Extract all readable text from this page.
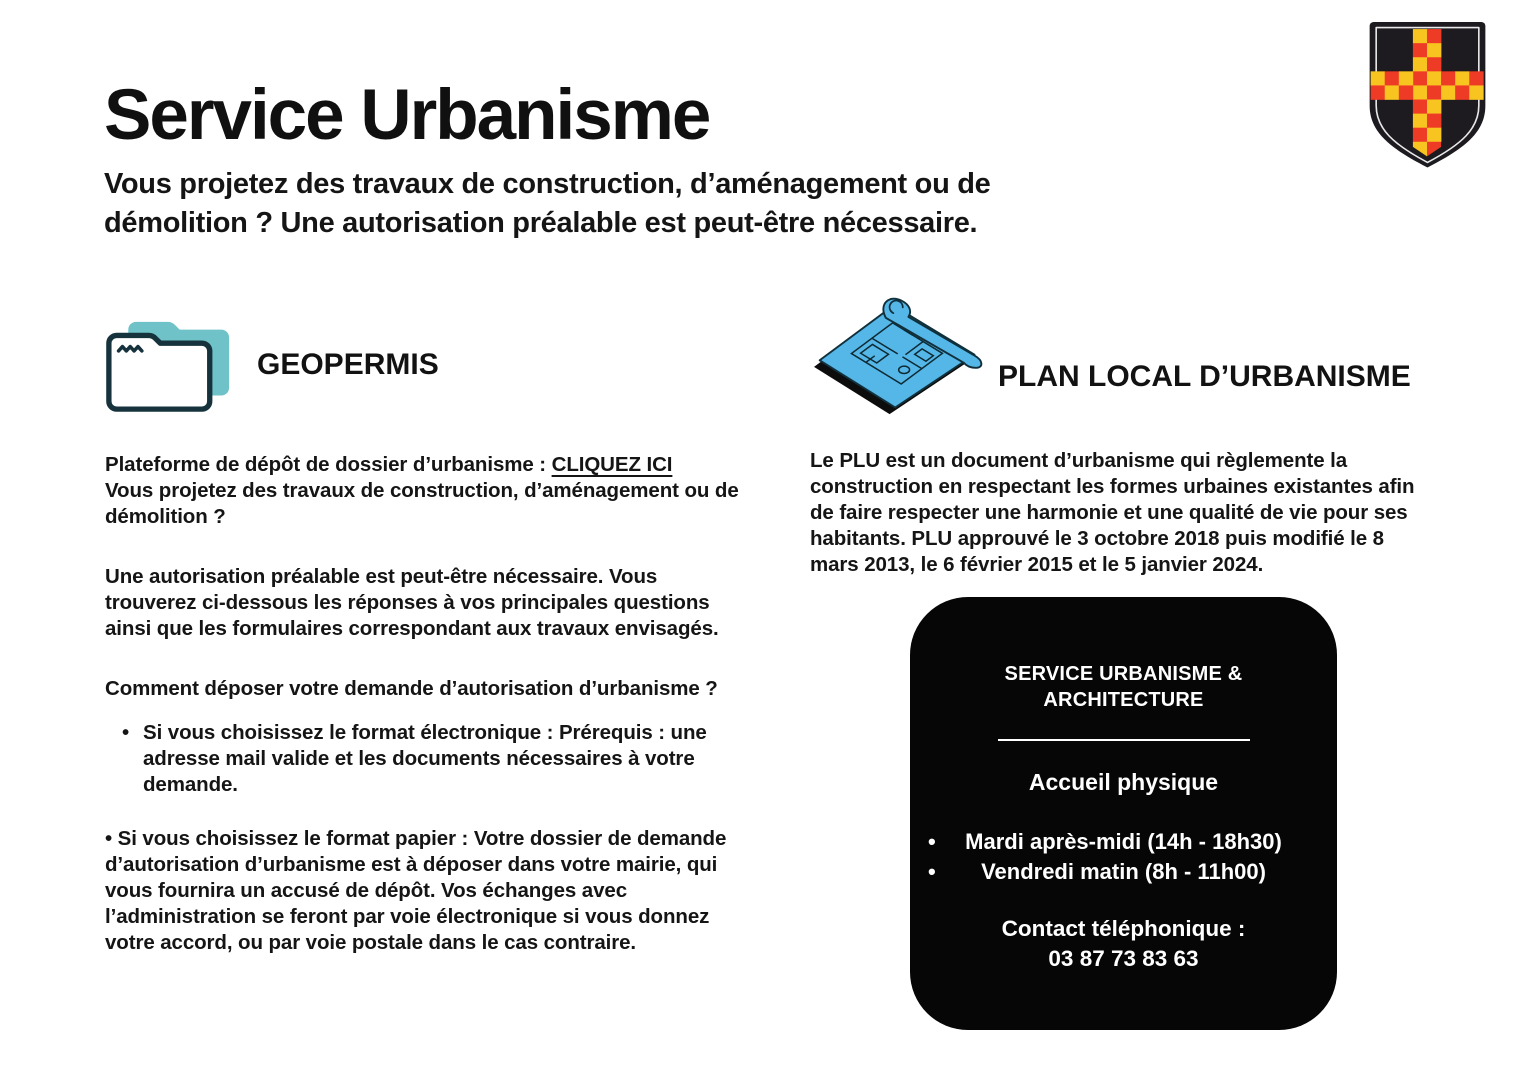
Service Urbanisme

Vous projetez des travaux de construction, d’aménagement ou de
démolition ? Une autorisation préalable est peut-être nécessaire.

GEOPERMIS

Plateforme de dépôt de dossier d’urbanisme : CLIQUEZ ICI
Vous projetez des travaux de construction, d’aménagement ou de démolition ?

Une autorisation préalable est peut-être nécessaire. Vous trouverez ci-dessous les réponses à vos principales questions ainsi que les formulaires correspondant aux travaux envisagés.

Comment déposer votre demande d’autorisation d’urbanisme ?

• Si vous choisissez le format électronique : Prérequis : une adresse mail valide et les documents nécessaires à votre demande.

• Si vous choisissez le format papier : Votre dossier de demande d’autorisation d’urbanisme est à déposer dans votre mairie, qui vous fournira un accusé de dépôt. Vos échanges avec l’administration se feront par voie électronique si vous donnez votre accord, ou par voie postale dans le cas contraire.

PLAN LOCAL D’URBANISME

Le PLU est un document d’urbanisme qui règlemente la construction en respectant les formes urbaines existantes afin de faire respecter une harmonie et une qualité de vie pour ses habitants. PLU approuvé le 3 octobre 2018 puis modifié le 8 mars 2013, le 6 février 2015 et le 5 janvier 2024.

SERVICE URBANISME & ARCHITECTURE
Accueil physique
• Mardi après-midi (14h - 18h30)
• Vendredi matin (8h - 11h00)
Contact téléphonique :
03 87 73 83 63
